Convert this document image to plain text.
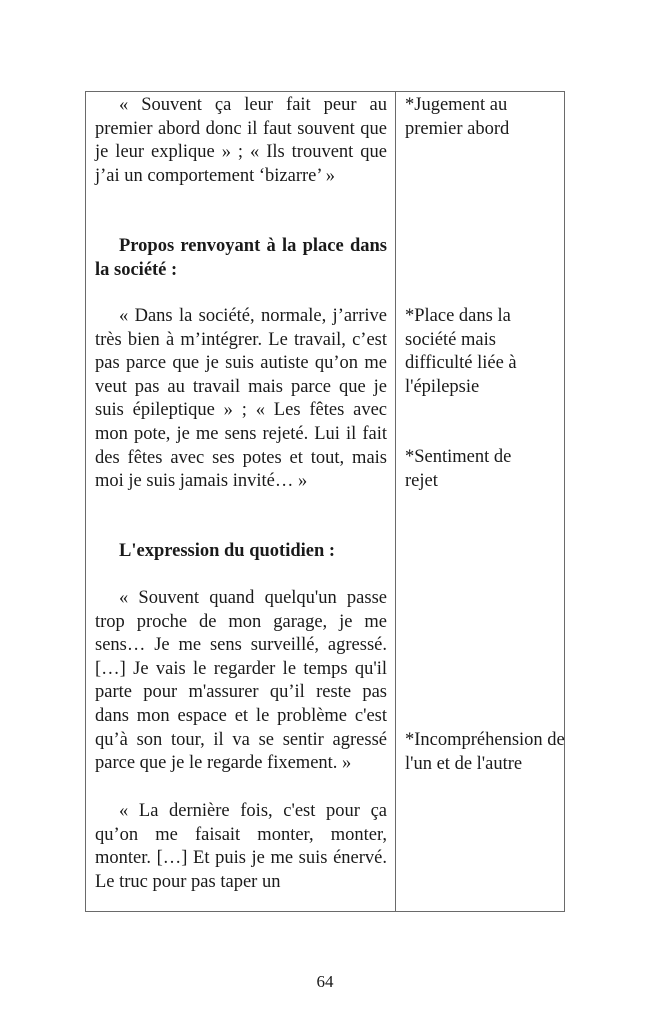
« Souvent ça leur fait peur au premier abord donc il faut souvent que je leur explique » ; « Ils trouvent que j’ai un comportement ‘bizarre’ »

Propos renvoyant à la place dans la société :

« Dans la société, normale, j’arrive très bien à m’intégrer. Le travail, c’est pas parce que je suis autiste qu’on me veut pas au travail mais parce que je suis épileptique » ; « Les fêtes avec mon pote, je me sens rejeté. Lui il fait des fêtes avec ses potes et tout, mais moi je suis jamais invité… »

L'expression du quotidien :

« Souvent quand quelqu'un passe trop proche de mon garage, je me sens… Je me sens surveillé, agressé. […] Je vais le regarder le temps qu'il parte pour m'assurer qu’il reste pas dans mon espace et le problème c'est qu’à son tour, il va se sentir agressé parce que je le regarde fixement. »

« La dernière fois, c'est pour ça qu’on me faisait monter, monter, monter. […] Et puis je me suis énervé. Le truc pour pas taper un

*Jugement au premier abord

*Place dans la société mais difficulté liée à l'épilepsie

*Sentiment de rejet

*Incompréhension de l'un et de l'autre

64
